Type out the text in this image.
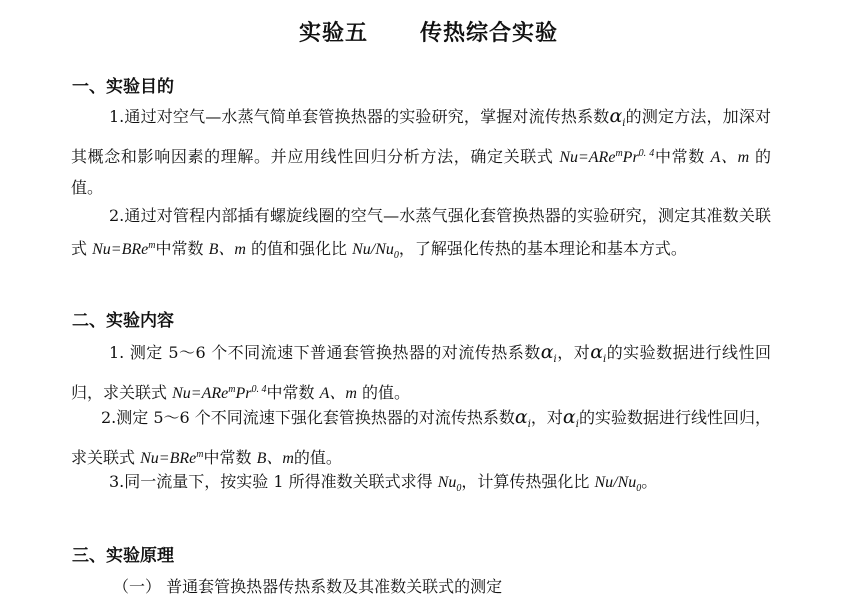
实验五 传热综合实验
一、实验目的
1.通过对空气—水蒸气简单套管换热器的实验研究，掌握对流传热系数$\alpha_i$的测定方法，加深对其概念和影响因素的理解。并应用线性回归分析方法，确定关联式 $Nu=ARe^mPr^{0. 4}$中常数 A、m 的值。
2.通过对管程内部插有螺旋线圈的空气—水蒸气强化套管换热器的实验研究，测定其准数关联式 Nu=BRe$^m$中常数 B、m 的值和强化比 $Nu/Nu_0$，了解强化传热的基本理论和基本方式。
二、实验内容
1. 测定 5～6 个不同流速下普通套管换热器的对流传热系数$\alpha_i$，对$\alpha_i$的实验数据进行线性回归，求关联式 $Nu=ARe^mPr^{0. 4}$中常数 A、m 的值。
2.测定 5～6 个不同流速下强化套管换热器的对流传热系数$\alpha_i$，对$\alpha_i$的实验数据进行线性回归，求关联式 Nu=BRe$^m$中常数 B、m的值。
3.同一流量下，按实验 1 所得准数关联式求得 $Nu_0$，计算传热强化比 $Nu/Nu_0$。
三、实验原理
（一） 普通套管换热器传热系数及其准数关联式的测定
